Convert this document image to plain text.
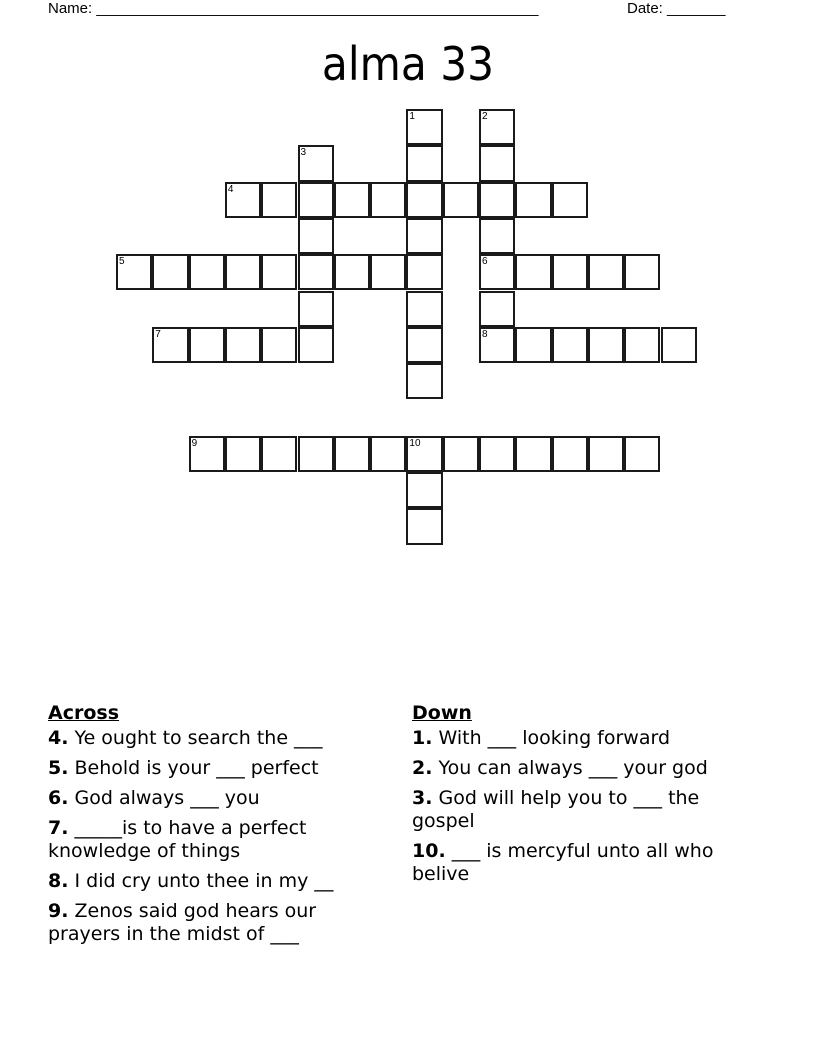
Name: _____________________________________________________	Date: _______
alma 33
1	2
6
8
3
4
5
7
9	10
Across
4. Ye ought to search the ___
5. Behold is your ___ perfect
6. God always ___ you
7. _____is to have a perfect knowledge of things
8. I did cry unto thee in my __
9. Zenos said god hears our prayers in the midst of ___
Down
1. With ___ looking forward
2. You can always ___ your god
3. God will help you to ___ the gospel
10. ___ is mercyful unto all who belive
